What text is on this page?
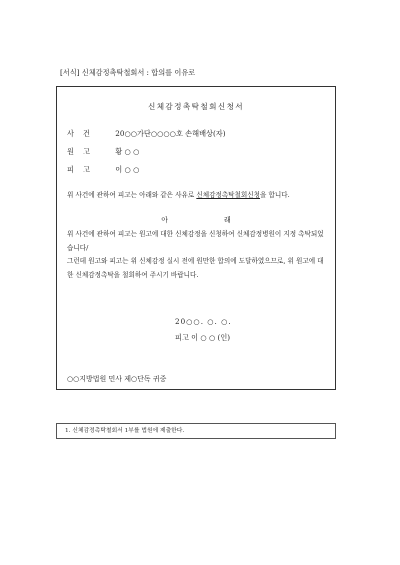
[서식] 신체감정촉탁철회서 : 합의를 이유로
신체감정촉탁철회신청서
사건 20○○가단○○○○호 손해배상(자)
원고 황 ○ ○
피고 이 ○ ○
위 사건에 관하여 피고는 아래와 같은 사유로 신체감정촉탁철회신청을 합니다.
아래
위 사건에 관하여 피고는 원고에 대한 신체감정을 신청하여 신체감정병원이 지정 촉탁되었습니다/
그런데 원고와 피고는 위 신체감정 실시 전에 원만한 합의에 도달하였으므로, 위 원고에 대한 신체감정촉탁을 철회하여 주시기 바랍니다.
20○○. ○. ○.
피고 이 ○ ○ (인)
○○지방법원 민사 제○단독 귀중
1. 신체감정촉탁철회서 1부를 법원에 제출한다.
